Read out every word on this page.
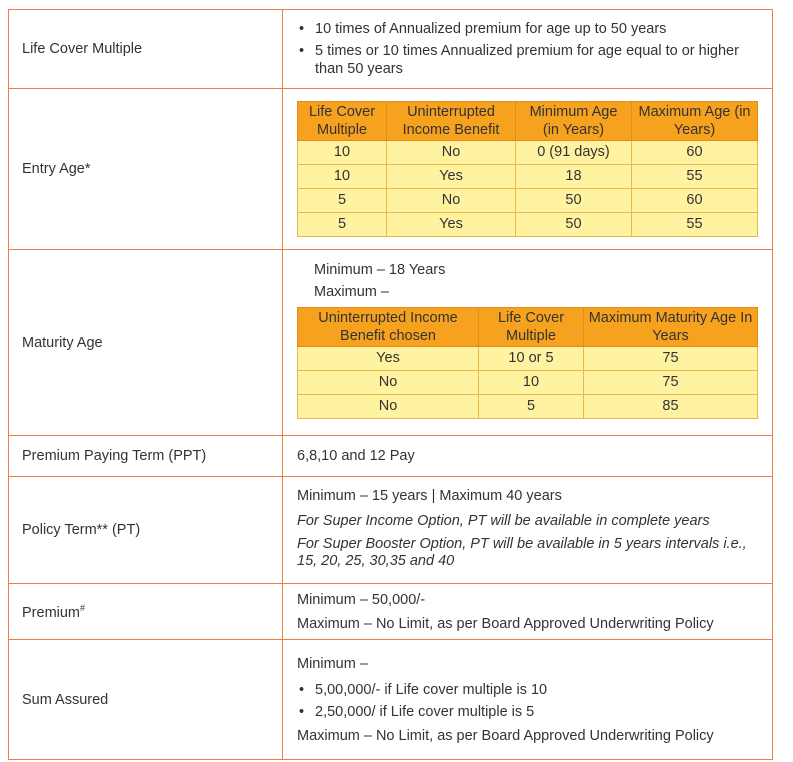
Life Cover Multiple	
• 10 times of Annualized premium for age up to 50 years
• 5 times or 10 times Annualized premium for age equal to or higher than 50 years

Entry Age*	
Life Cover Multiple	Uninterrupted Income Benefit	Minimum Age (in Years)	Maximum Age (in Years)
10	No	0 (91 days)	60
10	Yes	18	55
5	No	50	60
5	Yes	50	55

Maturity Age	
Minimum – 18 Years
Maximum –
Uninterrupted Income Benefit chosen	Life Cover Multiple	Maximum Maturity Age In Years
Yes	10 or 5	75
No	10	75
No	5	85

Premium Paying Term (PPT)	6,8,10 and 12 Pay
Policy Term** (PT)	
Minimum – 15 years | Maximum 40 years
For Super Income Option, PT will be available in complete years
For Super Booster Option, PT will be available in 5 years intervals i.e., 15, 20, 25, 30,35 and 40

Premium#	
Minimum – 50,000/-
Maximum – No Limit, as per Board Approved Underwriting Policy

Sum Assured	
Minimum –
• 5,00,000/- if Life cover multiple is 10
• 2,50,000/ if Life cover multiple is 5
Maximum – No Limit, as per Board Approved Underwriting Policy
